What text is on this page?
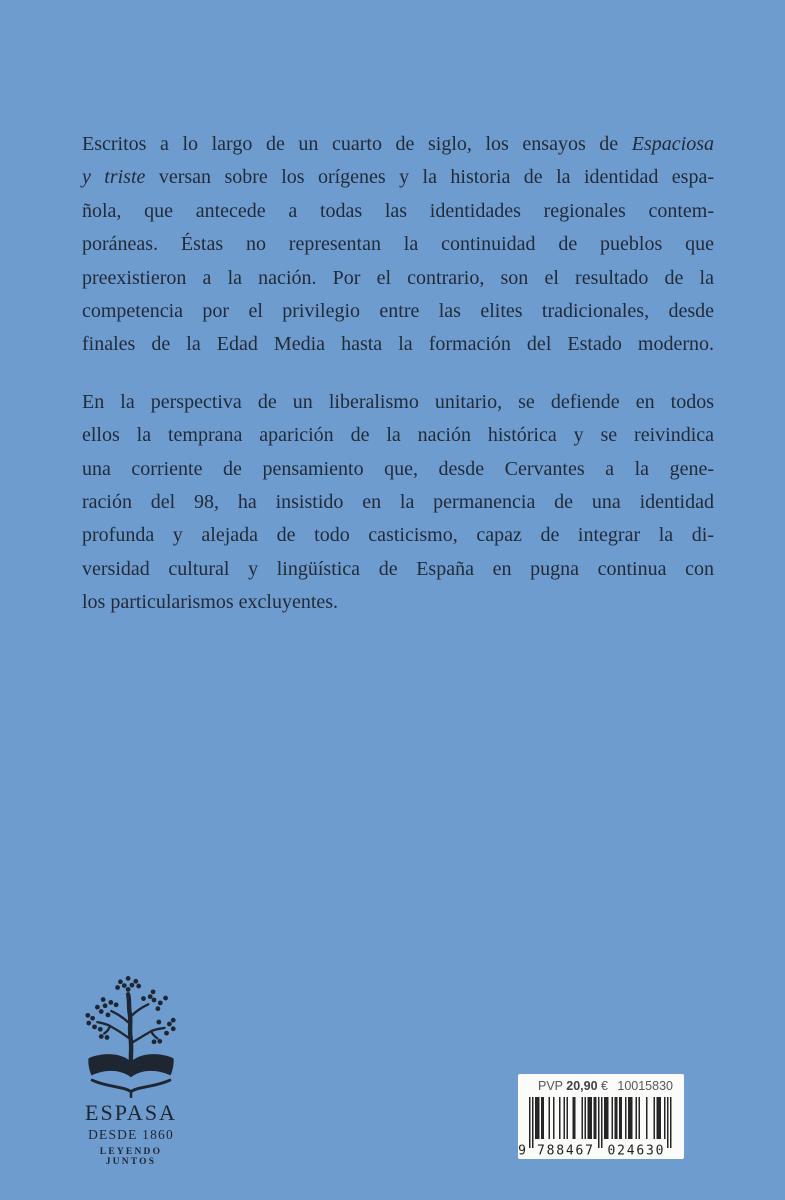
Escritos a lo largo de un cuarto de siglo, los ensayos de Espaciosa
y triste versan sobre los orígenes y la historia de la identidad espa-
ñola, que antecede a todas las identidades regionales contem-
poráneas. Éstas no representan la continuidad de pueblos que
preexistieron a la nación. Por el contrario, son el resultado de la
competencia por el privilegio entre las elites tradicionales, desde
finales de la Edad Media hasta la formación del Estado moderno.
En la perspectiva de un liberalismo unitario, se defiende en todos
ellos la temprana aparición de la nación histórica y se reivindica
una corriente de pensamiento que, desde Cervantes a la gene-
ración del 98, ha insistido en la permanencia de una identidad
profunda y alejada de todo casticismo, capaz de integrar la di-
versidad cultural y lingüística de España en pugna continua con
los particularismos excluyentes.
ESPASA
DESDE 1860
LEYENDO JUNTOS
PVP 20,90 € 10015830
9 788467 024630
